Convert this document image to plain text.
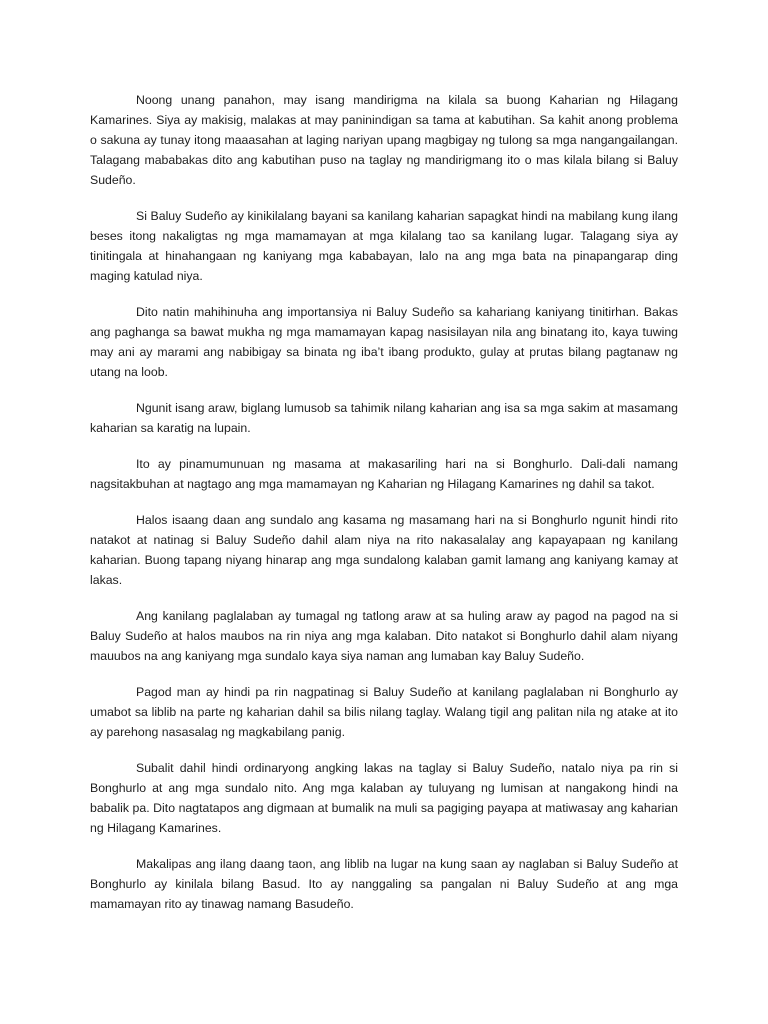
Noong unang panahon, may isang mandirigma na kilala sa buong Kaharian ng Hilagang Kamarines. Siya ay makisig, malakas at may paninindigan sa tama at kabutihan. Sa kahit anong problema o sakuna ay tunay itong maaasahan at laging nariyan upang magbigay ng tulong sa mga nangangailangan. Talagang mababakas dito ang kabutihan puso na taglay ng mandirigmang ito o mas kilala bilang si Baluy Sudeño.

Si Baluy Sudeño ay kinikilalang bayani sa kanilang kaharian sapagkat hindi na mabilang kung ilang beses itong nakaligtas ng mga mamamayan at mga kilalang tao sa kanilang lugar. Talagang siya ay tinitingala at hinahangaan ng kaniyang mga kababayan, lalo na ang mga bata na pinapangarap ding maging katulad niya.

Dito natin mahihinuha ang importansiya ni Baluy Sudeño sa kahariang kaniyang tinitirhan. Bakas ang paghanga sa bawat mukha ng mga mamamayan kapag nasisilayan nila ang binatang ito, kaya tuwing may ani ay marami ang nabibigay sa binata ng iba’t ibang produkto, gulay at prutas bilang pagtanaw ng utang na loob.

Ngunit isang araw, biglang lumusob sa tahimik nilang kaharian ang isa sa mga sakim at masamang kaharian sa karatig na lupain.

Ito ay pinamumunuan ng masama at makasariling hari na si Bonghurlo. Dali-dali namang nagsitakbuhan at nagtago ang mga mamamayan ng Kaharian ng Hilagang Kamarines ng dahil sa takot.

Halos isaang daan ang sundalo ang kasama ng masamang hari na si Bonghurlo ngunit hindi rito natakot at natinag si Baluy Sudeño dahil alam niya na rito nakasalalay ang kapayapaan ng kanilang kaharian. Buong tapang niyang hinarap ang mga sundalong kalaban gamit lamang ang kaniyang kamay at lakas.

Ang kanilang paglalaban ay tumagal ng tatlong araw at sa huling araw ay pagod na pagod na si Baluy Sudeño at halos maubos na rin niya ang mga kalaban. Dito natakot si Bonghurlo dahil alam niyang mauubos na ang kaniyang mga sundalo kaya siya naman ang lumaban kay Baluy Sudeño.

Pagod man ay hindi pa rin nagpatinag si Baluy Sudeño at kanilang paglalaban ni Bonghurlo ay umabot sa liblib na parte ng kaharian dahil sa bilis nilang taglay. Walang tigil ang palitan nila ng atake at ito ay parehong nasasalag ng magkabilang panig.

Subalit dahil hindi ordinaryong angking lakas na taglay si Baluy Sudeño, natalo niya pa rin si Bonghurlo at ang mga sundalo nito. Ang mga kalaban ay tuluyang ng lumisan at nangakong hindi na babalik pa. Dito nagtatapos ang digmaan at bumalik na muli sa pagiging payapa at matiwasay ang kaharian ng Hilagang Kamarines.

Makalipas ang ilang daang taon, ang liblib na lugar na kung saan ay naglaban si Baluy Sudeño at Bonghurlo ay kinilala bilang Basud. Ito ay nanggaling sa pangalan ni Baluy Sudeño at ang mga mamamayan rito ay tinawag namang Basudeño.
